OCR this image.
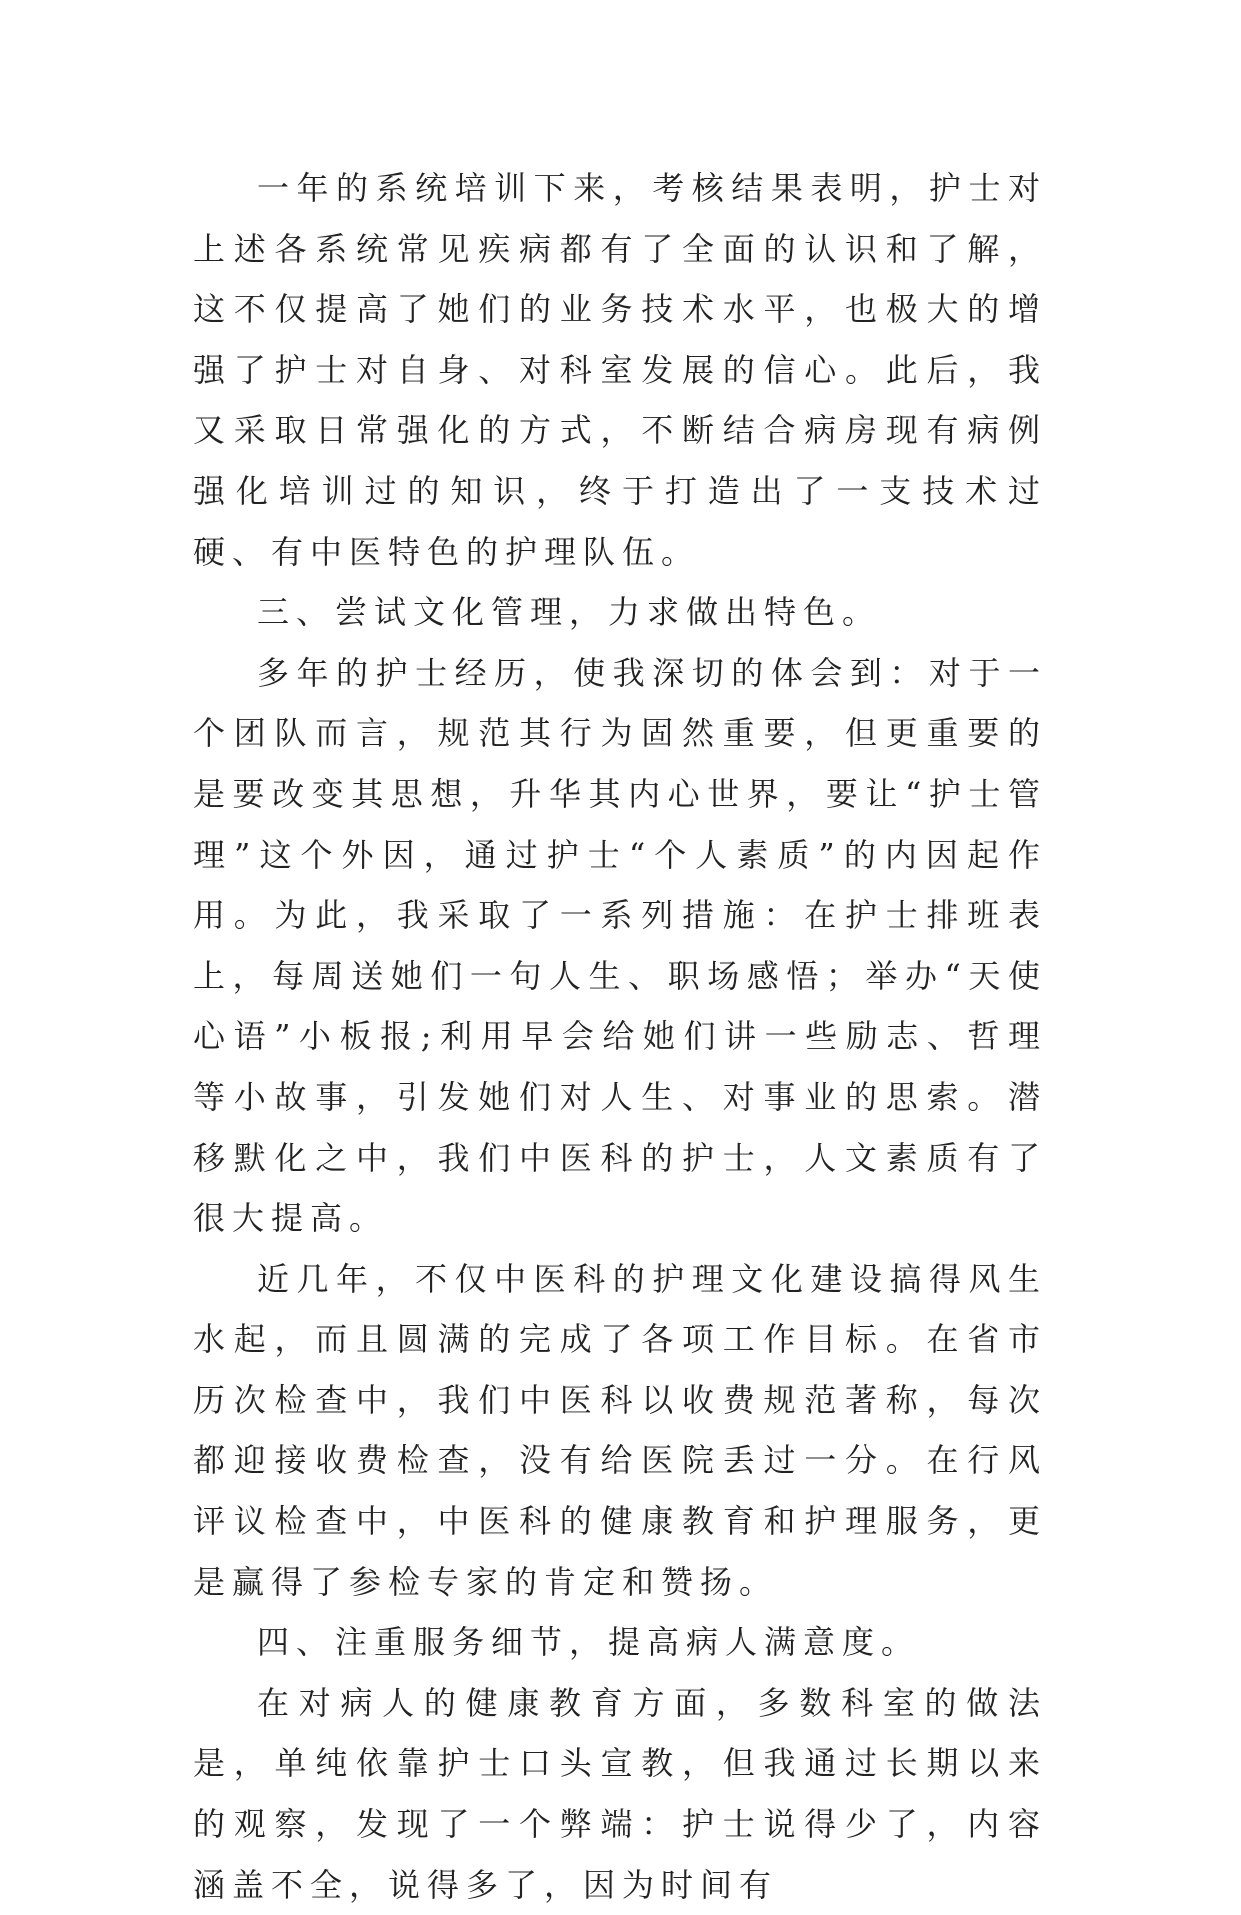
一年的系统培训下来，考核结果表明，护士对上述各系统常见疾病都有了全面的认识和了解，这不仅提高了她们的业务技术水平，也极大的增强了护士对自身、对科室发展的信心。此后，我又采取日常强化的方式，不断结合病房现有病例强化培训过的知识，终于打造出了一支技术过硬、有中医特色的护理队伍。

三、尝试文化管理，力求做出特色。

多年的护士经历，使我深切的体会到：对于一个团队而言，规范其行为固然重要，但更重要的是要改变其思想，升华其内心世界，要让“护士管理”这个外因，通过护士“个人素质”的内因起作用。为此，我采取了一系列措施：在护士排班表上，每周送她们一句人生、职场感悟；举办“天使心语”小板报;利用早会给她们讲一些励志、哲理等小故事，引发她们对人生、对事业的思索。潜移默化之中，我们中医科的护士，人文素质有了很大提高。

近几年，不仅中医科的护理文化建设搞得风生水起，而且圆满的完成了各项工作目标。在省市历次检查中，我们中医科以收费规范著称，每次都迎接收费检查，没有给医院丢过一分。在行风评议检查中，中医科的健康教育和护理服务，更是赢得了参检专家的肯定和赞扬。

四、注重服务细节，提高病人满意度。

在对病人的健康教育方面，多数科室的做法是，单纯依靠护士口头宣教，但我通过长期以来的观察，发现了一个弊端：护士说得少了，内容涵盖不全，说得多了，因为时间有
